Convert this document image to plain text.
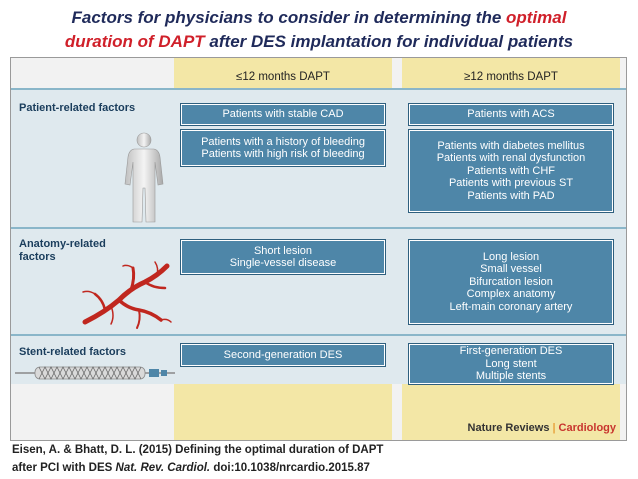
Factors for physicians to consider in determining the optimal
duration of DAPT after DES implantation for individual patients
≤12 months DAPT	≥12 months DAPT
Patient-related factors
Anatomy-related
factors
Stent-related factors
Patients with stable CAD
Patients with a history of bleeding
Patients with high risk of bleeding
Patients with ACS
Patients with diabetes mellitus
Patients with renal dysfunction
Patients with CHF
Patients with previous ST
Patients with PAD
Short lesion
Single-vessel disease
Long lesion
Small vessel
Bifurcation lesion
Complex anatomy
Left-main coronary artery
Second-generation DES	First-generation DES
Long stent
Multiple stents
Nature Reviews | Cardiology
Eisen, A. & Bhatt, D. L. (2015) Defining the optimal duration of DAPT
after PCI with DES Nat. Rev. Cardiol. doi:10.1038/nrcardio.2015.87
